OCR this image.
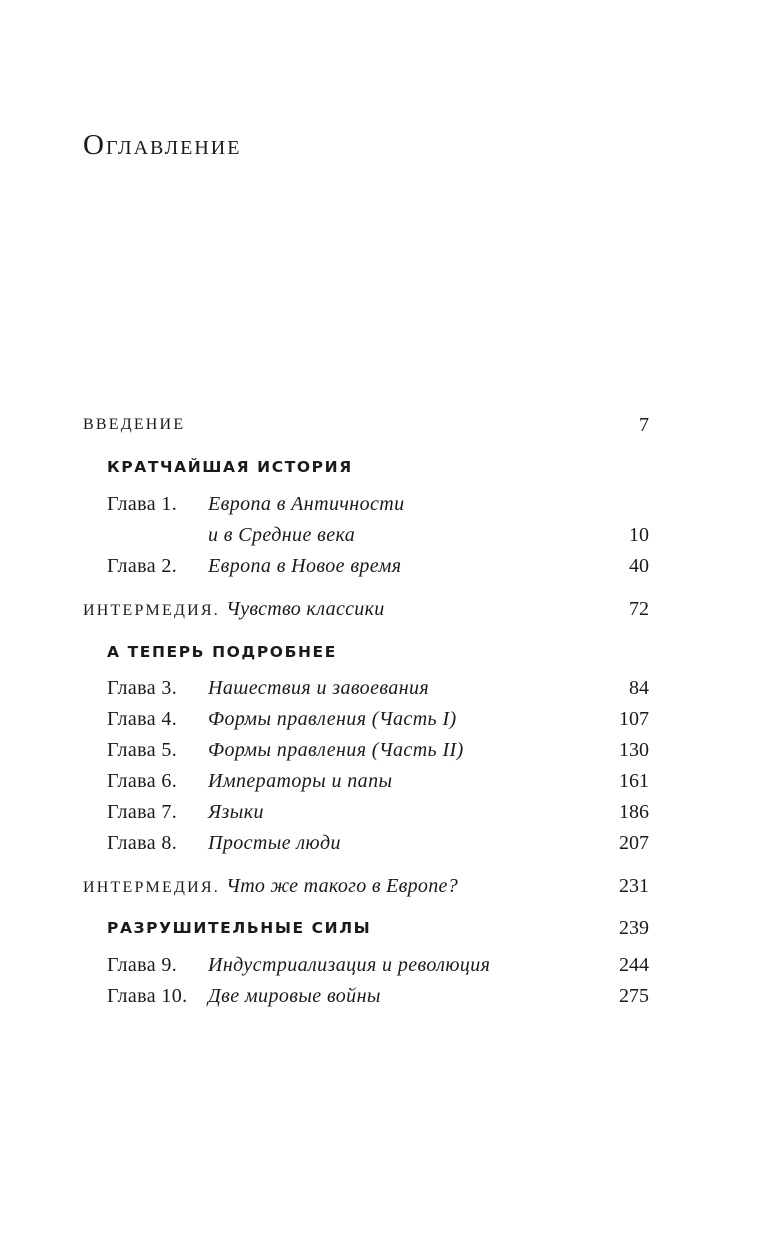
Оглавление
ВВЕДЕНИЕ	7
КРАТЧАЙШАЯ ИСТОРИЯ
Глава 1. Европа в Античности
и в Средние века	10
Глава 2. Европа в Новое время	40
ИНТЕРМЕДИЯ. Чувство классики	72
А ТЕПЕРЬ ПОДРОБНЕЕ
Глава 3. Нашествия и завоевания	84
Глава 4. Формы правления (Часть I)	107
Глава 5. Формы правления (Часть II)	130
Глава 6. Императоры и папы	161
Глава 7. Языки	186
Глава 8. Простые люди	207
ИНТЕРМЕДИЯ. Что же такого в Европе?	231
РАЗРУШИТЕЛЬНЫЕ СИЛЫ	239
Глава 9. Индустриализация и революция	244
Глава 10. Две мировые войны	275
